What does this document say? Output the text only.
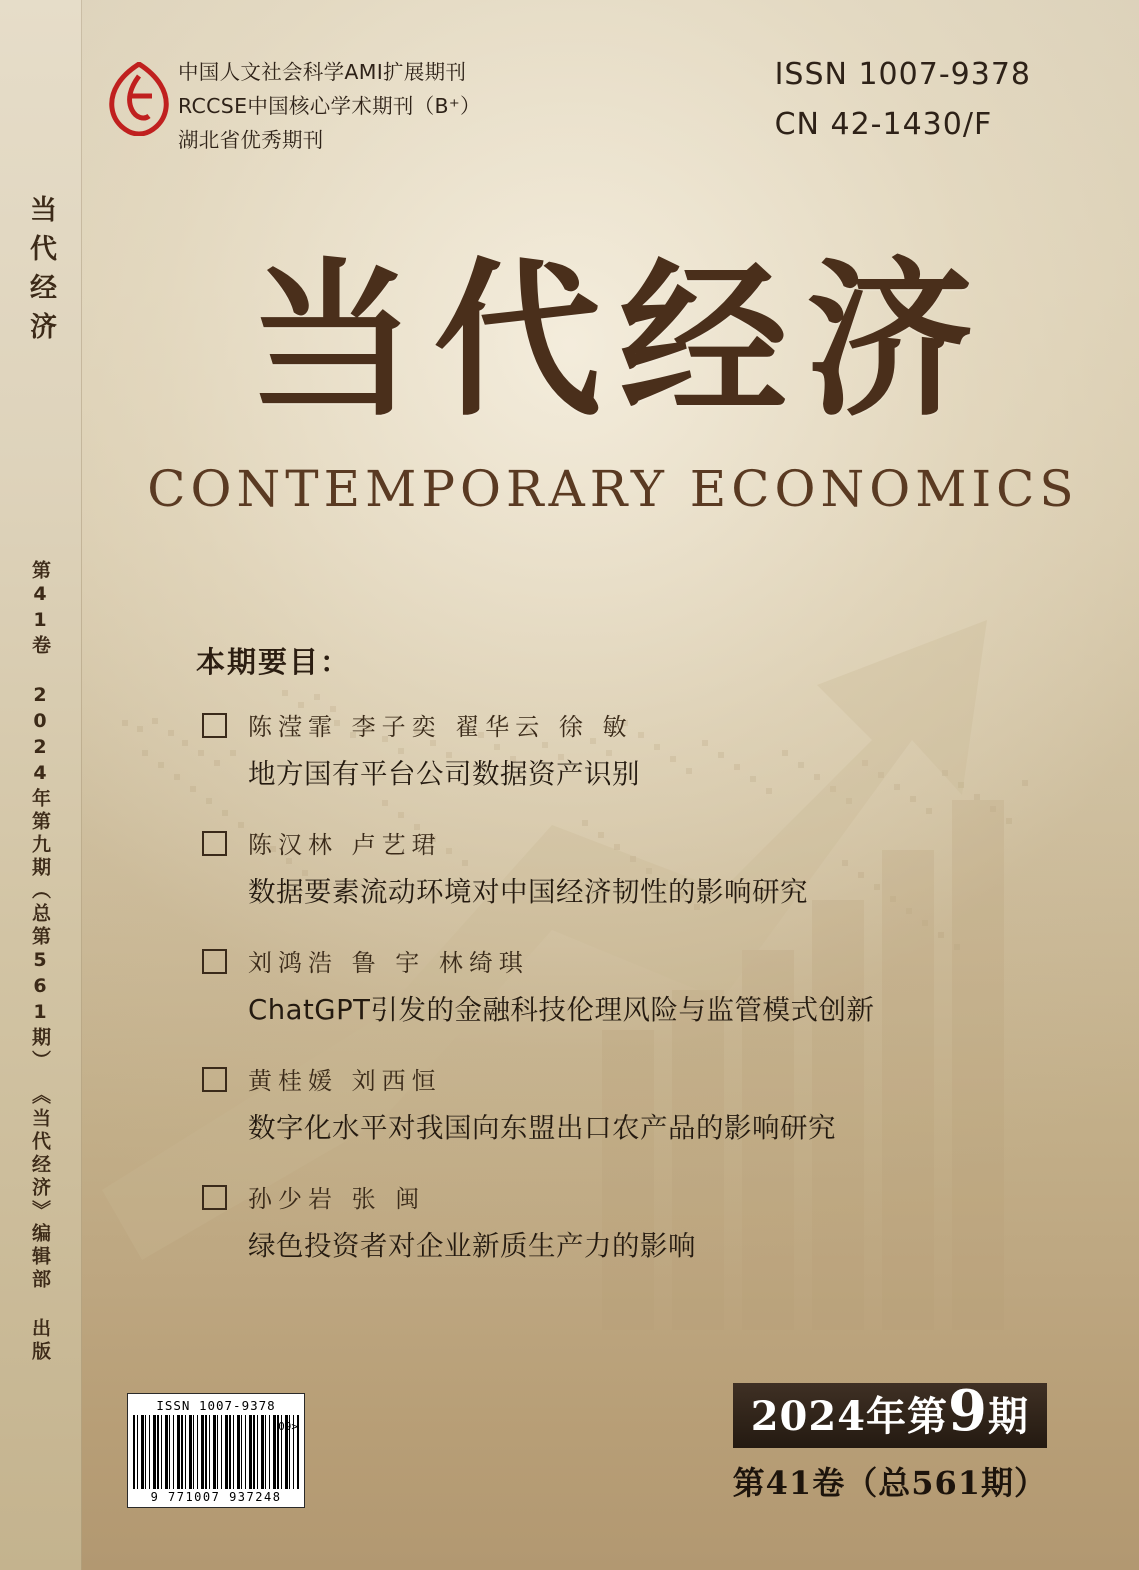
当代经济
第41卷 2024年第九期（总第561期）
《当代经济》编辑部 出版
中国人文社会科学AMI扩展期刊
RCCSE中国核心学术期刊（B⁺）
湖北省优秀期刊
ISSN 1007-9378
CN 42-1430/F
当代经济
CONTEMPORARY ECONOMICS
本期要目：
陈滢霏 李子奕 翟华云 徐 敏
地方国有平台公司数据资产识别
陈汉林 卢艺珺
数据要素流动环境对中国经济韧性的影响研究
刘鸿浩 鲁 宇 林绮琪
ChatGPT引发的金融科技伦理风险与监管模式创新
黄桂媛 刘西恒
数字化水平对我国向东盟出口农产品的影响研究
孙少岩 张 闽
绿色投资者对企业新质生产力的影响
ISSN 1007-9378
9 771007 937248
09>	2024年第9期
第41卷（总561期）
